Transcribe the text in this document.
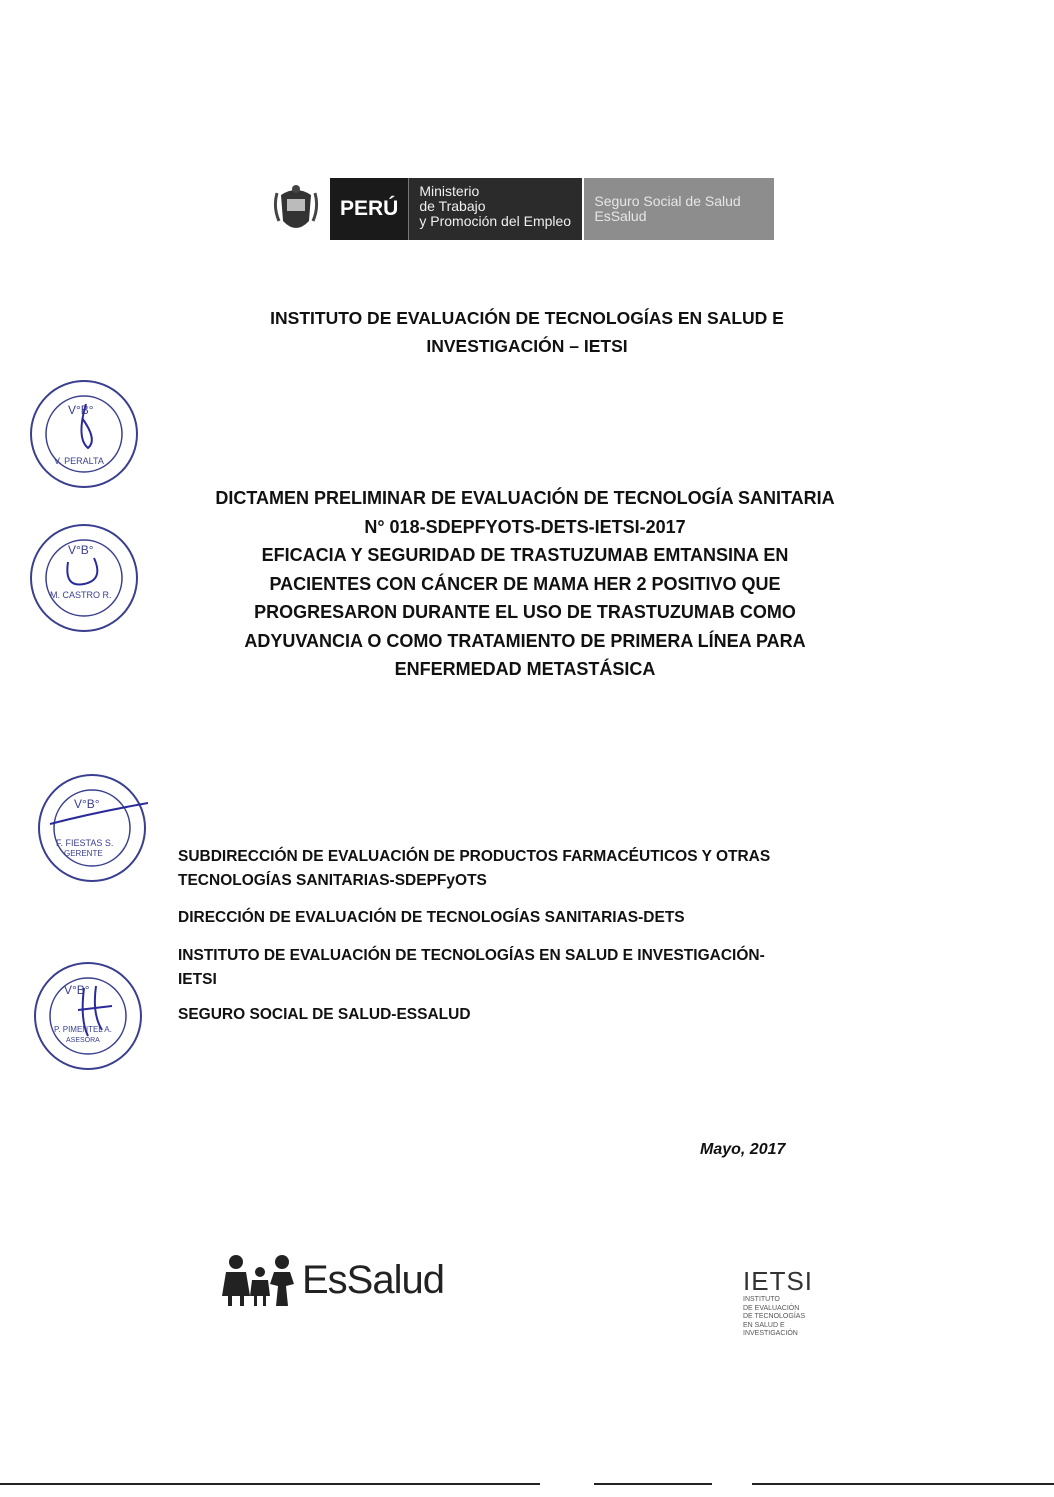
PERÚ
Ministerio
de Trabajo
y Promoción del Empleo
Seguro Social de Salud
EsSalud
INSTITUTO DE EVALUACIÓN DE TECNOLOGÍAS EN SALUD E
INVESTIGACIÓN – IETSI
DICTAMEN PRELIMINAR DE EVALUACIÓN DE TECNOLOGÍA SANITARIA
N° 018-SDEPFYOTS-DETS-IETSI-2017
EFICACIA Y SEGURIDAD DE TRASTUZUMAB EMTANSINA EN
PACIENTES CON CÁNCER DE MAMA HER 2 POSITIVO QUE
PROGRESARON DURANTE EL USO DE TRASTUZUMAB COMO
ADYUVANCIA O COMO TRATAMIENTO DE PRIMERA LÍNEA PARA
ENFERMEDAD METASTÁSICA
V°B°
V. PERALTA
V°B°
M. CASTRO R.
V°B°
F. FIESTAS S.
GERENTE
V°B°
P. PIMENTEL A.
ASESORA
SUBDIRECCIÓN DE EVALUACIÓN DE PRODUCTOS FARMACÉUTICOS Y OTRAS
TECNOLOGÍAS SANITARIAS-SDEPFyOTS
DIRECCIÓN DE EVALUACIÓN DE TECNOLOGÍAS SANITARIAS-DETS
INSTITUTO DE EVALUACIÓN DE TECNOLOGÍAS EN SALUD E INVESTIGACIÓN-
IETSI
SEGURO SOCIAL DE SALUD-ESSALUD
Mayo, 2017
EsSalud	IETSI
INSTITUTO
DE EVALUACIÓN
DE TECNOLOGÍAS
EN SALUD E
INVESTIGACIÓN
